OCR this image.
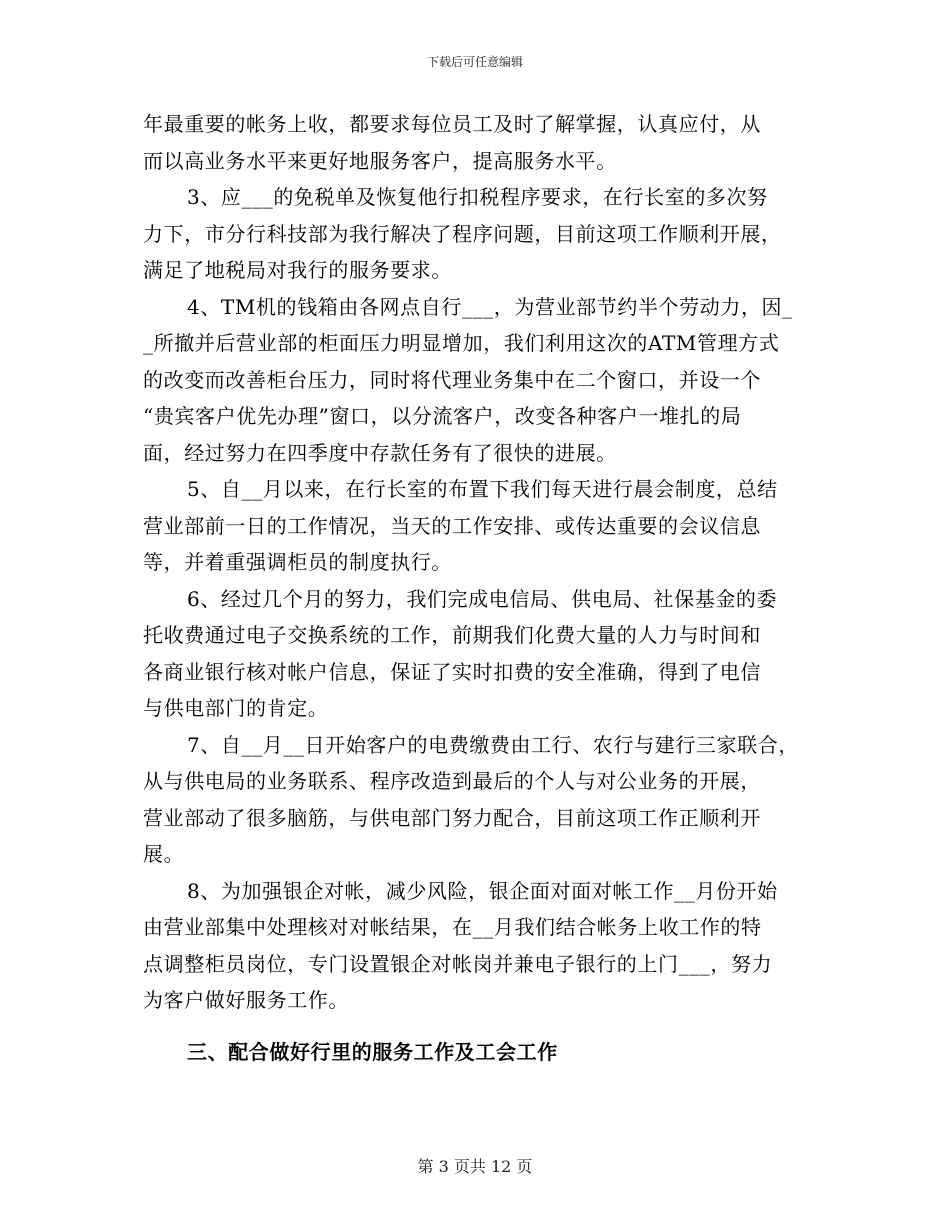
下载后可任意编辑
年最重要的帐务上收，都要求每位员工及时了解掌握，认真应付，从
而以高业务水平来更好地服务客户，提高服务水平。
3、应___的免税单及恢复他行扣税程序要求，在行长室的多次努
力下，市分行科技部为我行解决了程序问题，目前这项工作顺利开展，
满足了地税局对我行的服务要求。
4、TM机的钱箱由各网点自行___，为营业部节约半个劳动力，因_
_所撤并后营业部的柜面压力明显增加，我们利用这次的ATM管理方式
的改变而改善柜台压力，同时将代理业务集中在二个窗口，并设一个
“贵宾客户优先办理”窗口，以分流客户，改变各种客户一堆扎的局
面，经过努力在四季度中存款任务有了很快的进展。
5、自__月以来，在行长室的布置下我们每天进行晨会制度，总结
营业部前一日的工作情况，当天的工作安排、或传达重要的会议信息
等，并着重强调柜员的制度执行。
6、经过几个月的努力，我们完成电信局、供电局、社保基金的委
托收费通过电子交换系统的工作，前期我们化费大量的人力与时间和
各商业银行核对帐户信息，保证了实时扣费的安全准确，得到了电信
与供电部门的肯定。
7、自__月__日开始客户的电费缴费由工行、农行与建行三家联合，
从与供电局的业务联系、程序改造到最后的个人与对公业务的开展，
营业部动了很多脑筋，与供电部门努力配合，目前这项工作正顺利开
展。
8、为加强银企对帐，减少风险，银企面对面对帐工作__月份开始
由营业部集中处理核对对帐结果，在__月我们结合帐务上收工作的特
点调整柜员岗位，专门设置银企对帐岗并兼电子银行的上门___，努力
为客户做好服务工作。
三、配合做好行里的服务工作及工会工作
第 3 页共 12 页
